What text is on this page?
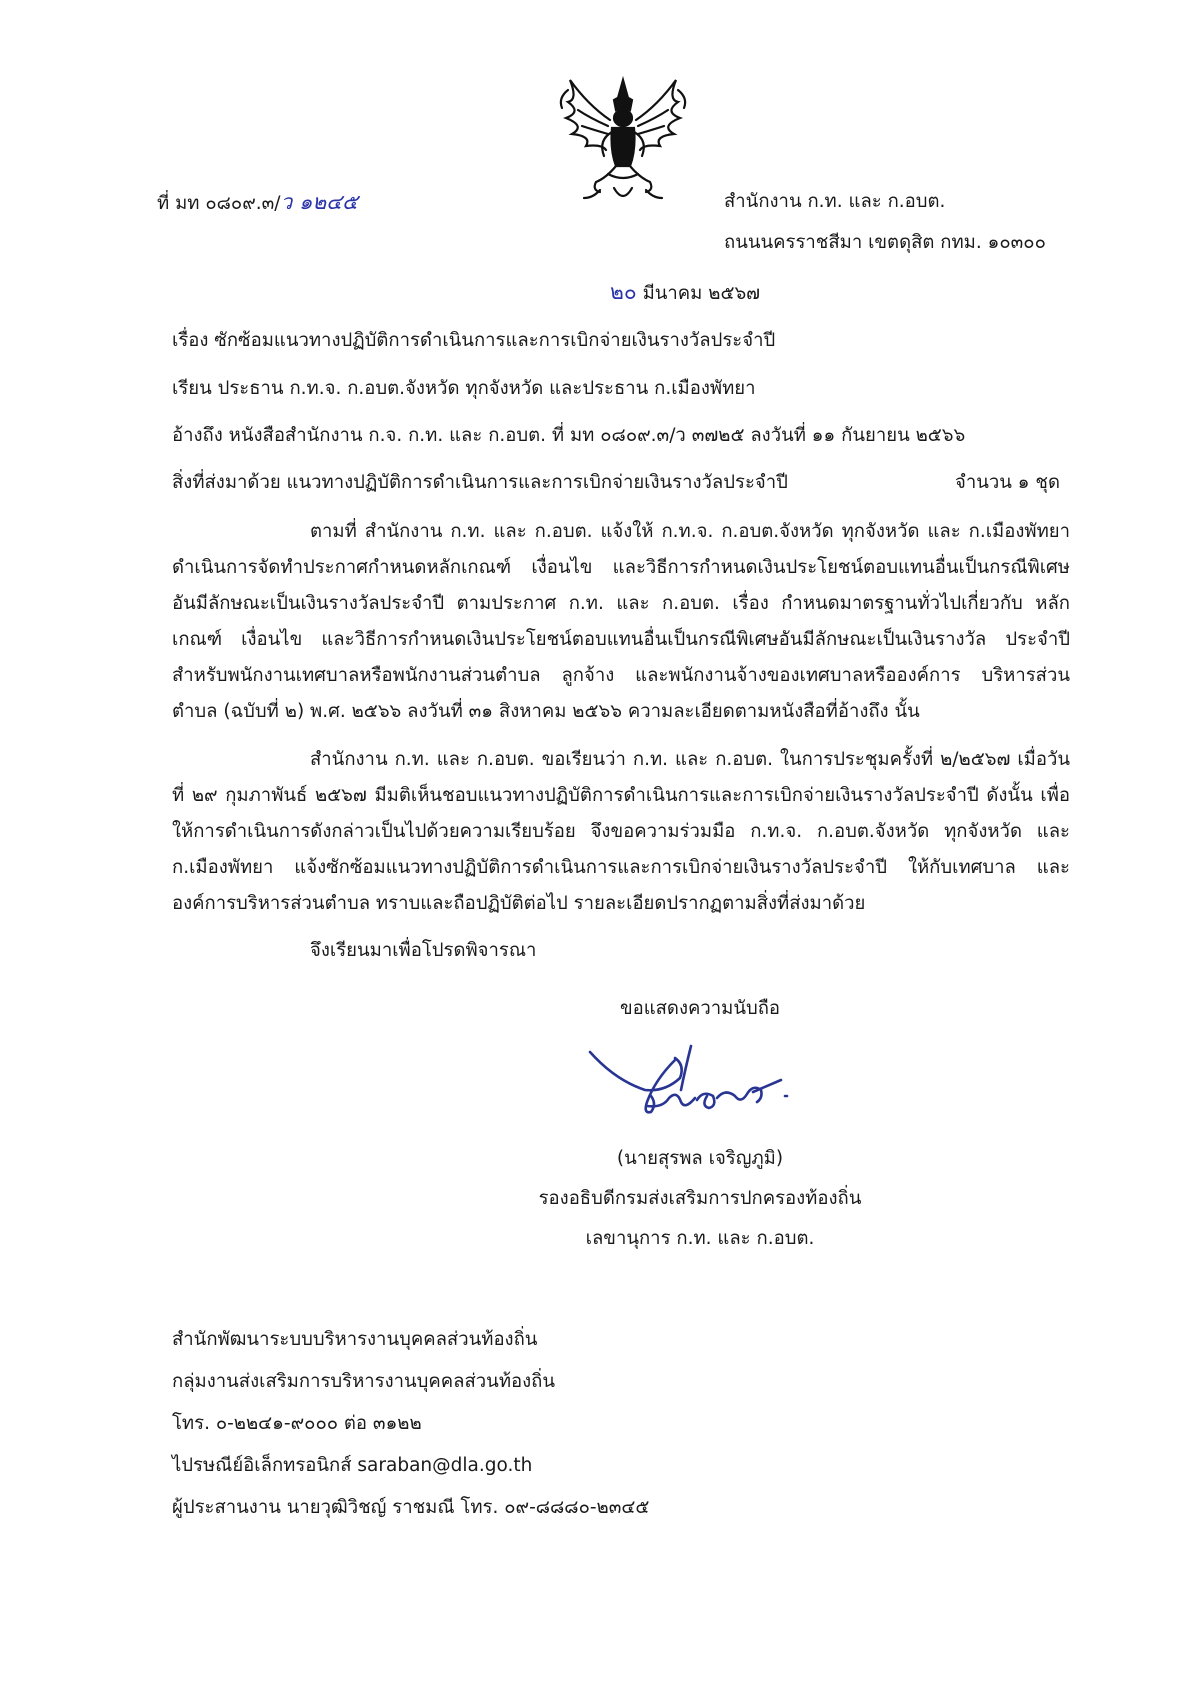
ที่ มท ๐๘๐๙.๓/ว ๑๒๔๕	สำนักงาน ก.ท. และ ก.อบต.
ถนนนครราชสีมา เขตดุสิต กทม. ๑๐๓๐๐
๒๐ มีนาคม ๒๕๖๗
เรื่อง ซักซ้อมแนวทางปฏิบัติการดำเนินการและการเบิกจ่ายเงินรางวัลประจำปี
เรียน ประธาน ก.ท.จ. ก.อบต.จังหวัด ทุกจังหวัด และประธาน ก.เมืองพัทยา
อ้างถึง หนังสือสำนักงาน ก.จ. ก.ท. และ ก.อบต. ที่ มท ๐๘๐๙.๓/ว ๓๗๒๕ ลงวันที่ ๑๑ กันยายน ๒๕๖๖
สิ่งที่ส่งมาด้วย แนวทางปฏิบัติการดำเนินการและการเบิกจ่ายเงินรางวัลประจำปี	จำนวน ๑ ชุด
ตามที่ สำนักงาน ก.ท. และ ก.อบต. แจ้งให้ ก.ท.จ. ก.อบต.จังหวัด ทุกจังหวัด และ ก.เมืองพัทยา ดำเนินการจัดทำประกาศกำหนดหลักเกณฑ์ เงื่อนไข และวิธีการกำหนดเงินประโยชน์ตอบแทนอื่นเป็นกรณีพิเศษ อันมีลักษณะเป็นเงินรางวัลประจำปี ตามประกาศ ก.ท. และ ก.อบต. เรื่อง กำหนดมาตรฐานทั่วไปเกี่ยวกับ หลักเกณฑ์ เงื่อนไข และวิธีการกำหนดเงินประโยชน์ตอบแทนอื่นเป็นกรณีพิเศษอันมีลักษณะเป็นเงินรางวัล ประจำปีสำหรับพนักงานเทศบาลหรือพนักงานส่วนตำบล ลูกจ้าง และพนักงานจ้างของเทศบาลหรือองค์การ บริหารส่วนตำบล (ฉบับที่ ๒) พ.ศ. ๒๕๖๖ ลงวันที่ ๓๑ สิงหาคม ๒๕๖๖ ความละเอียดตามหนังสือที่อ้างถึง นั้น
สำนักงาน ก.ท. และ ก.อบต. ขอเรียนว่า ก.ท. และ ก.อบต. ในการประชุมครั้งที่ ๒/๒๕๖๗ เมื่อวันที่ ๒๙ กุมภาพันธ์ ๒๕๖๗ มีมติเห็นชอบแนวทางปฏิบัติการดำเนินการและการเบิกจ่ายเงินรางวัลประจำปี ดังนั้น เพื่อให้การดำเนินการดังกล่าวเป็นไปด้วยความเรียบร้อย จึงขอความร่วมมือ ก.ท.จ. ก.อบต.จังหวัด ทุกจังหวัด และ ก.เมืองพัทยา แจ้งซักซ้อมแนวทางปฏิบัติการดำเนินการและการเบิกจ่ายเงินรางวัลประจำปี ให้กับเทศบาล และองค์การบริหารส่วนตำบล ทราบและถือปฏิบัติต่อไป รายละเอียดปรากฏตามสิ่งที่ส่งมาด้วย
จึงเรียนมาเพื่อโปรดพิจารณา
ขอแสดงความนับถือ
(นายสุรพล เจริญภูมิ)
รองอธิบดีกรมส่งเสริมการปกครองท้องถิ่น
เลขานุการ ก.ท. และ ก.อบต.
สำนักพัฒนาระบบบริหารงานบุคคลส่วนท้องถิ่น
กลุ่มงานส่งเสริมการบริหารงานบุคคลส่วนท้องถิ่น
โทร. ๐-๒๒๔๑-๙๐๐๐ ต่อ ๓๑๒๒
ไปรษณีย์อิเล็กทรอนิกส์ saraban@dla.go.th
ผู้ประสานงาน นายวุฒิวิชญ์ ราชมณี โทร. ๐๙-๘๘๘๐-๒๓๔๕
